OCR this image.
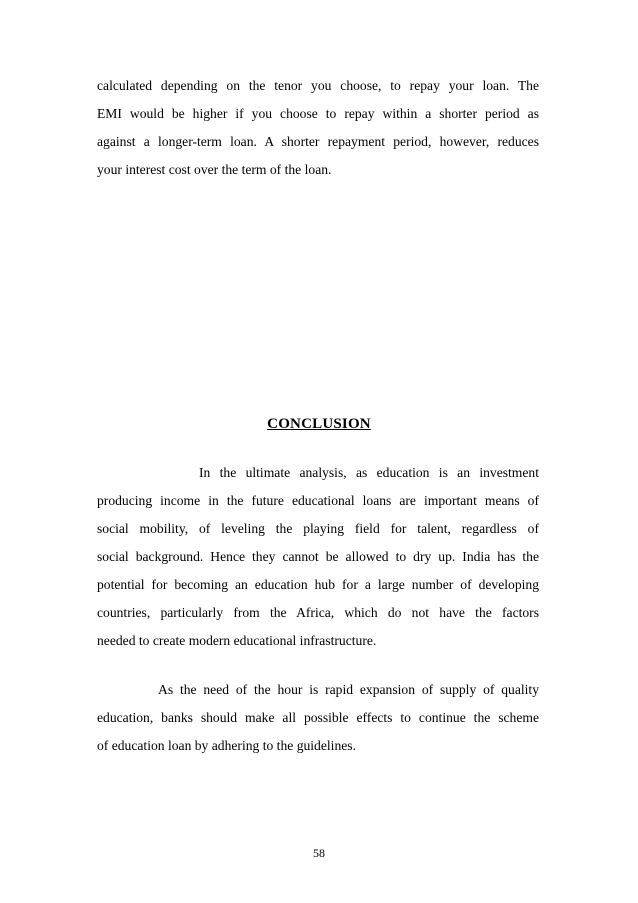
calculated depending on the tenor you choose, to repay your loan. The
EMI would be higher if you choose to repay within a shorter period as
against a longer-term loan. A shorter repayment period, however, reduces
your interest cost over the term of the loan.
CONCLUSION
In the ultimate analysis, as education is an investment
producing income in the future educational loans are important means of
social mobility, of leveling the playing field for talent, regardless of
social background. Hence they cannot be allowed to dry up. India has the
potential for becoming an education hub for a large number of developing
countries, particularly from the Africa, which do not have the factors
needed to create modern educational infrastructure.
As the need of the hour is rapid expansion of supply of quality
education, banks should make all possible effects to continue the scheme
of education loan by adhering to the guidelines.
58
